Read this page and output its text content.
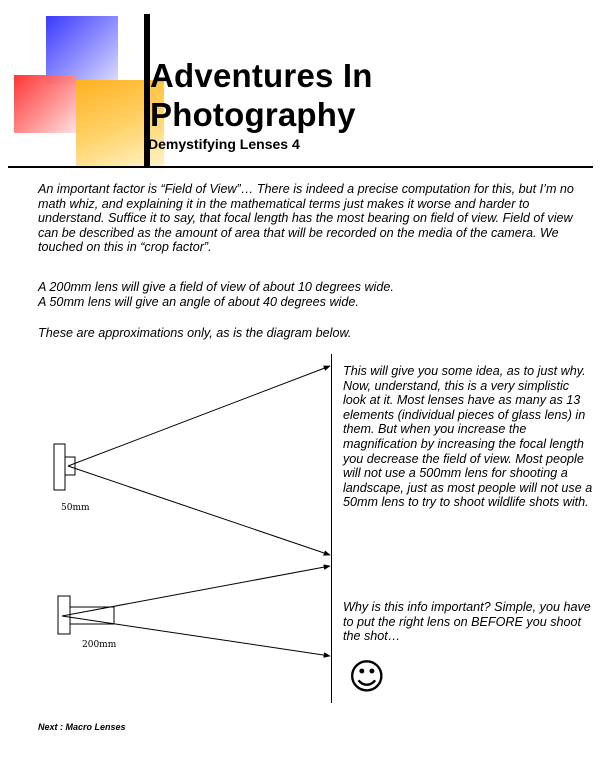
Adventures In
Photography
Demystifying Lenses 4

An important factor is “Field of View”… There is indeed a precise computation for this, but I’m no math whiz, and explaining it in the mathematical terms just makes it worse and harder to understand. Suffice it to say, that focal length has the most bearing on field of view. Field of view can be described as the amount of area that will be recorded on the media of the camera. We touched on this in “crop factor”.

A 200mm lens will give a field of view of about 10 degrees wide.

A 50mm lens will give an angle of about 40 degrees wide.

These are approximations only, as is the diagram below.

50mm
200mm

This will give you some idea, as to just why. Now, understand, this is a very simplistic look at it. Most lenses have as many as 13 elements (individual pieces of glass lens) in them. But when you increase the magnification by increasing the focal length you decrease the field of view. Most people will not use a 500mm lens for shooting a landscape, just as most people will not use a 50mm lens to try to shoot wildlife shots with.

Why is this info important? Simple, you have to put the right lens on BEFORE you shoot the shot…

☺

Next : Macro Lenses
